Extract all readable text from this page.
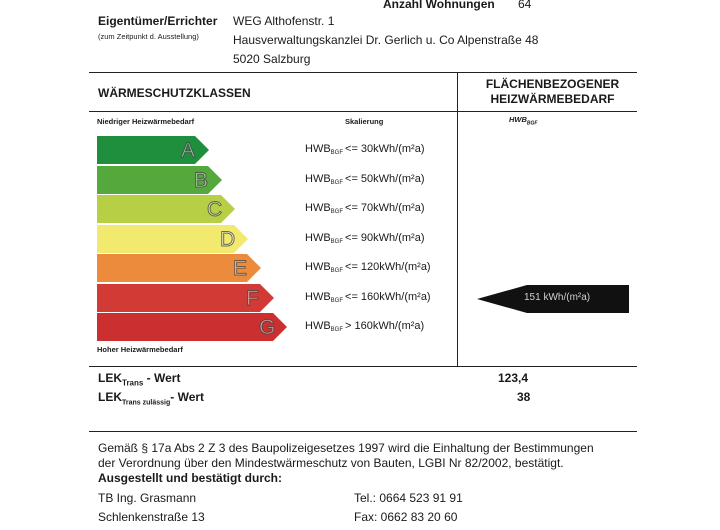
Anzahl Wohnungen 64
Eigentümer/Errichter
(zum Zeitpunkt d. Ausstellung)
WEG Althofenstr. 1
Hausverwaltungskanzlei Dr. Gerlich u. Co Alpenstraße 48
5020 Salzburg
WÄRMESCHUTZKLASSEN
FLÄCHENBEZOGENER
HEIZWÄRMEBEDARF
Niedriger Heizwärmebedarf	Skalierung	$HWB_{BGF}$
A	$HWB_{BGF} <= 30kWh/(m^2a)$
B	$HWB_{BGF} <= 50kWh/(m^2a)$
C	$HWB_{BGF} <= 70kWh/(m^2a)$
D	$HWB_{BGF} <= 90kWh/(m^2a)$
E	$HWB_{BGF} <= 120kWh/(m^2a)$
F	$HWB_{BGF} <= 160kWh/(m^2a)$
G	$HWB_{BGF} > 160kWh/(m^2a)$
Hoher Heizwärmebedarf
151 kWh/(m²a)
$LEK_{Trans}$ - Wert	123,4
$LEK_{Trans zulässig}-$ Wert	38
Gemäß § 17a Abs 2 Z 3 des Baupolizeigesetzes 1997 wird die Einhaltung der Bestimmungen
der Verordnung über den Mindestwärmeschutz von Bauten, LGBI Nr 82/2002, bestätigt.
Ausgestellt und bestätigt durch:
TB Ing. Grasmann
Schlenkenstraße 13
Tel.: 0664 523 91 91
Fax: 0662 83 20 60
